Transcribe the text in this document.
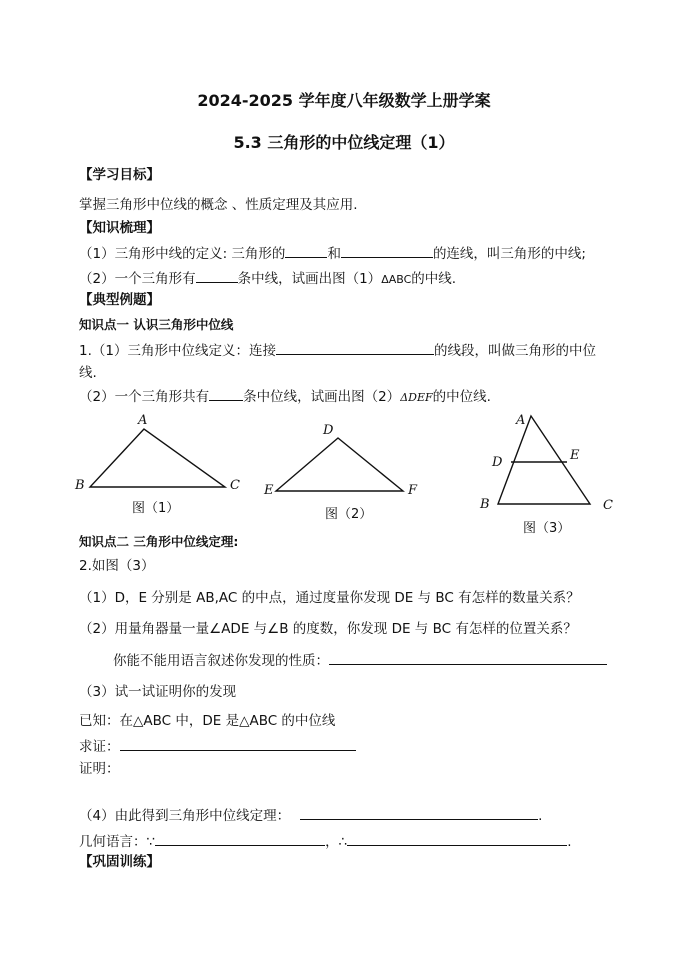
2024-2025 学年度八年级数学上册学案
5.3 三角形的中位线定理（1）
【学习目标】
掌握三角形中位线的概念 、性质定理及其应用.
【知识梳理】
（1）三角形中线的定义: 三角形的	和	的连线，叫三角形的中线;
（2）一个三角形有	条中线，试画出图（1）ΔABC的中线.
【典型例题】
知识点一 认识三角形中位线
1.（1）三角形中位线定义：连接	的线段，叫做三角形的中位
线.
（2）一个三角形共有	条中位线，试画出图（2）ΔDEF的中位线.
A
B	C
图（1）
D
E	F
图（2）
A
D	E
B	C
图（3）
知识点二 三角形中位线定理:
2.如图（3）
（1）D，E 分别是 AB,AC 的中点，通过度量你发现 DE 与 BC 有怎样的数量关系？
（2）用量角器量一量∠ADE 与∠B 的度数，你发现 DE 与 BC 有怎样的位置关系？
你能不能用语言叙述你发现的性质：
（3）试一试证明你的发现
已知：在△ABC 中，DE 是△ABC 的中位线
求证：
证明：
（4）由此得到三角形中位线定理：	.
几何语言：∵	，∴	.
【巩固训练】
